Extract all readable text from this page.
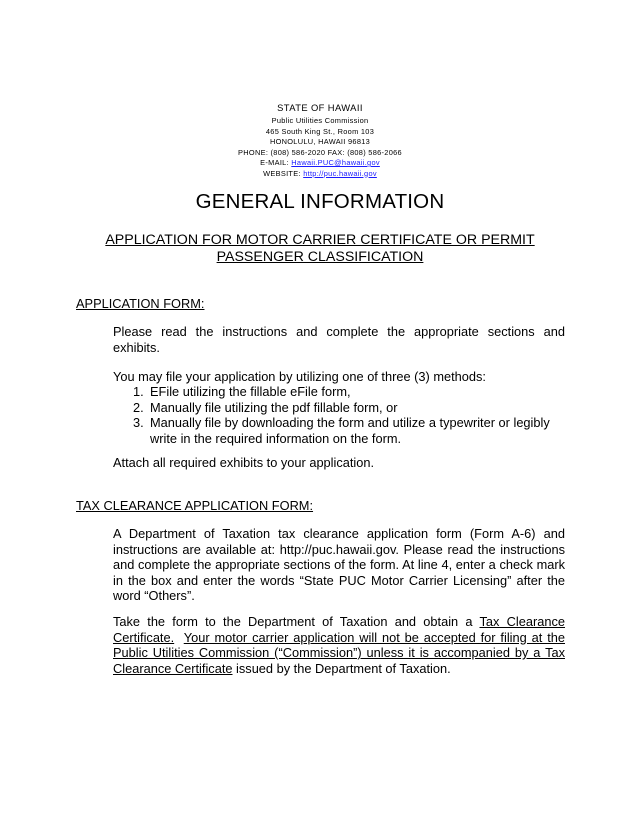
STATE OF HAWAII
Public Utilities Commission
465 South King St., Room 103
HONOLULU, HAWAII 96813
PHONE: (808) 586-2020 FAX: (808) 586-2066
E-MAIL: Hawaii.PUC@hawaii.gov
WEBSITE: http://puc.hawaii.gov
GENERAL INFORMATION
APPLICATION FOR MOTOR CARRIER CERTIFICATE OR PERMIT
PASSENGER CLASSIFICATION
APPLICATION FORM:

Please read the instructions and complete the appropriate sections and exhibits.

You may file your application by utilizing one of three (3) methods:

1. EFile utilizing the fillable eFile form,
2. Manually file utilizing the pdf fillable form, or
3. Manually file by downloading the form and utilize a typewriter or legibly write in the required information on the form.

Attach all required exhibits to your application.

TAX CLEARANCE APPLICATION FORM:

A Department of Taxation tax clearance application form (Form A-6) and instructions are available at: http://puc.hawaii.gov. Please read the instructions and complete the appropriate sections of the form. At line 4, enter a check mark in the box and enter the words “State PUC Motor Carrier Licensing” after the word “Others”.

Take the form to the Department of Taxation and obtain a Tax Clearance Certificate. Your motor carrier application will not be accepted for filing at the Public Utilities Commission (“Commission”) unless it is accompanied by a Tax Clearance Certificate issued by the Department of Taxation.
